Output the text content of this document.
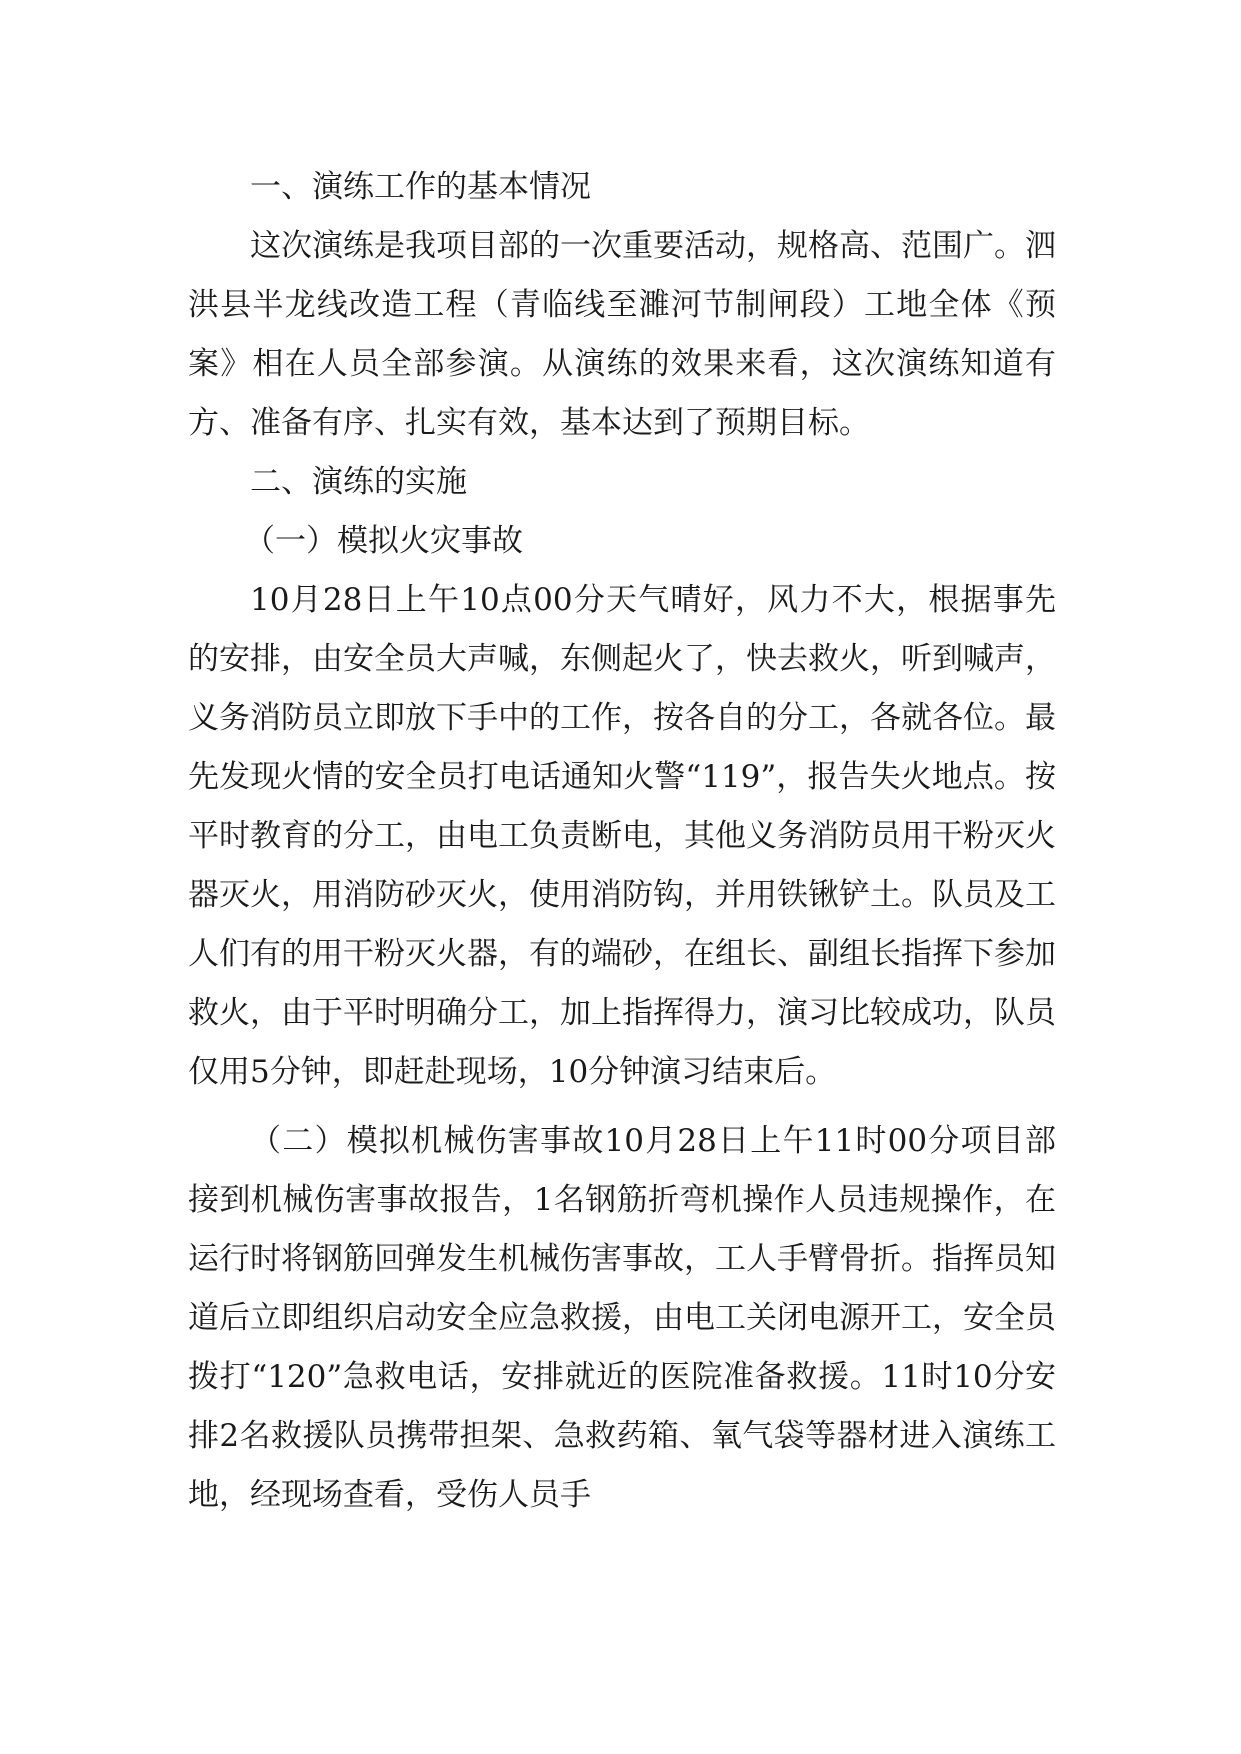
一、演练工作的基本情况

这次演练是我项目部的一次重要活动，规格高、范围广。泗洪县半龙线改造工程（青临线至濉河节制闸段）工地全体《预案》相在人员全部参演。从演练的效果来看，这次演练知道有方、准备有序、扎实有效，基本达到了预期目标。

二、演练的实施

（一）模拟火灾事故

10月28日上午10点00分天气晴好，风力不大，根据事先的安排，由安全员大声喊，东侧起火了，快去救火，听到喊声，义务消防员立即放下手中的工作，按各自的分工，各就各位。最先发现火情的安全员打电话通知火警“119”，报告失火地点。按平时教育的分工，由电工负责断电，其他义务消防员用干粉灭火器灭火，用消防砂灭火，使用消防钩，并用铁锹铲土。队员及工人们有的用干粉灭火器，有的端砂，在组长、副组长指挥下参加救火，由于平时明确分工，加上指挥得力，演习比较成功，队员仅用5分钟，即赶赴现场，10分钟演习结束后。

（二）模拟机械伤害事故10月28日上午11时00分项目部接到机械伤害事故报告，1名钢筋折弯机操作人员违规操作，在运行时将钢筋回弹发生机械伤害事故，工人手臂骨折。指挥员知道后立即组织启动安全应急救援，由电工关闭电源开工，安全员拨打“120”急救电话，安排就近的医院准备救援。11时10分安排2名救援队员携带担架、急救药箱、氧气袋等器材进入演练工地，经现场查看，受伤人员手
